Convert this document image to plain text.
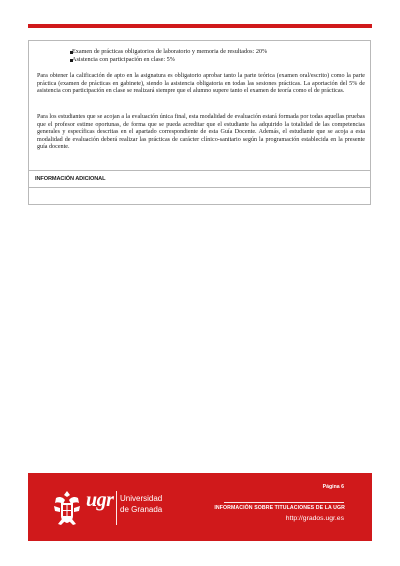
Examen de prácticas obligatorios de laboratorio y memoria de resultados: 20%
Asistencia con participación en clase: 5%

Para obtener la calificación de apto en la asignatura es obligatorio aprobar tanto la parte teórica (examen oral/escrito) como la parte práctica (examen de prácticas en gabinete), siendo la asistencia obligatoria en todas las sesiones prácticas. La aportación del 5% de asistencia con participación en clase se realizará siempre que el alumno supere tanto el examen de teoría como el de prácticas.

Para los estudiantes que se acojan a la evaluación única final, esta modalidad de evaluación estará formada por todas aquellas pruebas que el profesor estime oportunas, de forma que se pueda acreditar que el estudiante ha adquirido la totalidad de las competencias generales y específicas descritas en el apartado correspondiente de esta Guía Docente. Además, el estudiante que se acoja a esta modalidad de evaluación deberá realizar las prácticas de carácter clínico-sanitario según la programación establecida en la presente guía docente.

INFORMACIÓN ADICIONAL
ugr Universidad
de Granada
Página 6
INFORMACIÓN SOBRE TITULACIONES DE LA UGR
http://grados.ugr.es
